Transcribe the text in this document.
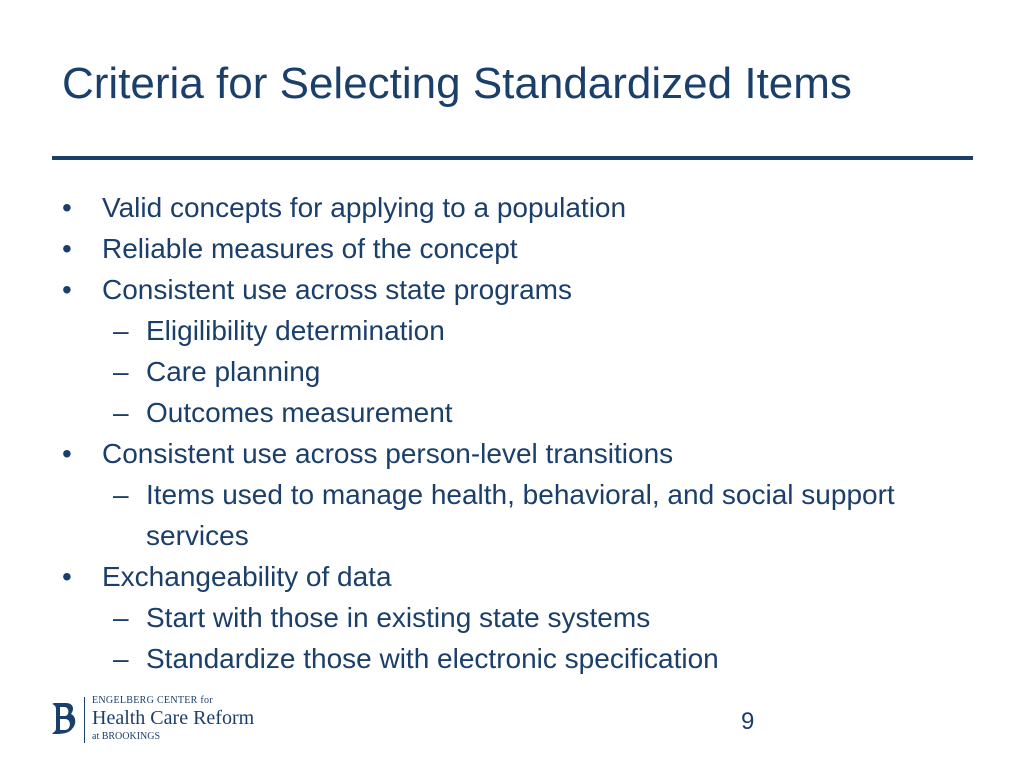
Criteria for Selecting Standardized Items
• Valid concepts for applying to a population
• Reliable measures of the concept
• Consistent use across state programs
– Eligilibility determination
– Care planning
– Outcomes measurement
• Consistent use across person-level transitions
– Items used to manage health, behavioral, and social support services
• Exchangeability of data
– Start with those in existing state systems
– Standardize those with electronic specification
ENGELBERG CENTER for
Health Care Reform
at BROOKINGS
9
